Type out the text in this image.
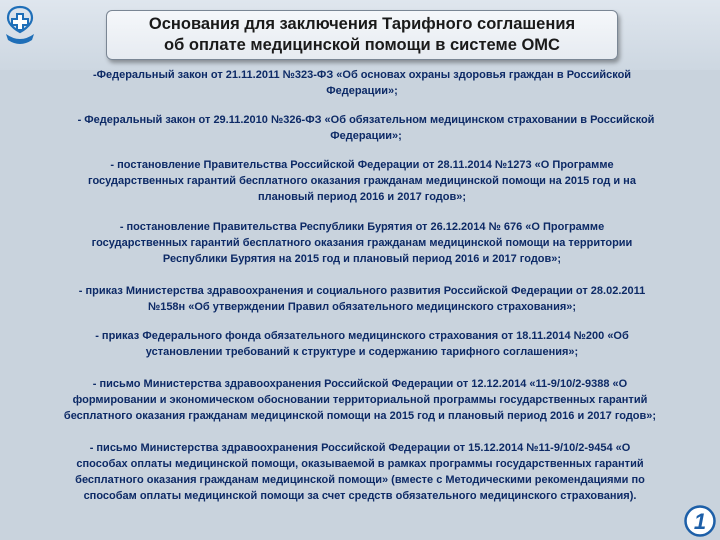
Основания для заключения Тарифного соглашения
об оплате медицинской помощи в системе ОМС
-Федеральный закон от 21.11.2011 №323-ФЗ «Об основах охраны здоровья граждан в Российской
Федерации»;
- Федеральный закон от 29.11.2010 №326-ФЗ «Об обязательном медицинском страховании в Российской
Федерации»;
- постановление Правительства Российской Федерации от 28.11.2014 №1273 «О Программе
государственных гарантий бесплатного оказания гражданам медицинской помощи на 2015 год и на
плановый период 2016 и 2017 годов»;
- постановление Правительства Республики Бурятия от 26.12.2014 № 676 «О Программе
государственных гарантий бесплатного оказания гражданам медицинской помощи на территории
Республики Бурятия на 2015 год и плановый период 2016 и 2017 годов»;
- приказ Министерства здравоохранения и социального развития Российской Федерации от 28.02.2011
№158н «Об утверждении Правил обязательного медицинского страхования»;
- приказ Федерального фонда обязательного медицинского страхования от 18.11.2014 №200 «Об
установлении требований к структуре и содержанию тарифного соглашения»;
- письмо Министерства здравоохранения Российской Федерации от 12.12.2014 «11-9/10/2-9388 «О
формировании и экономическом обосновании территориальной программы государственных гарантий
бесплатного оказания гражданам медицинской помощи на 2015 год и плановый период 2016 и 2017 годов»;
- письмо Министерства здравоохранения Российской Федерации от 15.12.2014 №11-9/10/2-9454 «О
способах оплаты медицинской помощи, оказываемой в рамках программы государственных гарантий
бесплатного оказания гражданам медицинской помощи» (вместе с Методическими рекомендациями по
способам оплаты медицинской помощи за счет средств обязательного медицинского страхования).
1
